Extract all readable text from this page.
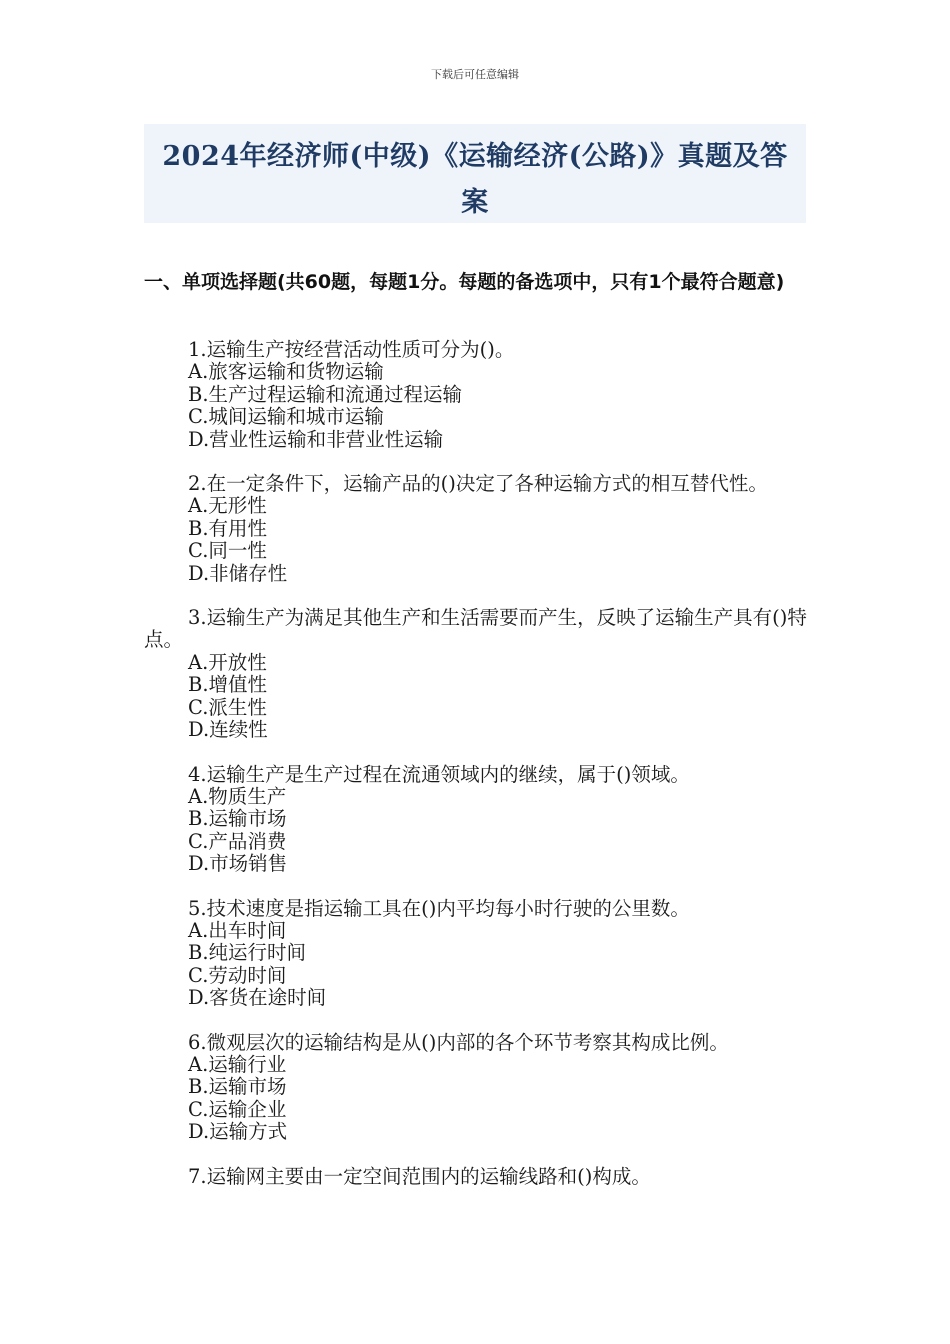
下载后可任意编辑
2024年经济师(中级)《运输经济(公路)》真题及答案
一、单项选择题(共60题，每题1分。每题的备选项中，只有1个最符合题意)

1.运输生产按经营活动性质可分为()。

A.旅客运输和货物运输

B.生产过程运输和流通过程运输

C.城间运输和城市运输

D.营业性运输和非营业性运输

2.在一定条件下，运输产品的()决定了各种运输方式的相互替代性。

A.无形性

B.有用性

C.同一性

D.非储存性

3.运输生产为满足其他生产和生活需要而产生，反映了运输生产具有()特点。

A.开放性

B.增值性

C.派生性

D.连续性

4.运输生产是生产过程在流通领域内的继续，属于()领域。

A.物质生产

B.运输市场

C.产品消费

D.市场销售

5.技术速度是指运输工具在()内平均每小时行驶的公里数。

A.出车时间

B.纯运行时间

C.劳动时间

D.客货在途时间

6.微观层次的运输结构是从()内部的各个环节考察其构成比例。

A.运输行业

B.运输市场

C.运输企业

D.运输方式

7.运输网主要由一定空间范围内的运输线路和()构成。
